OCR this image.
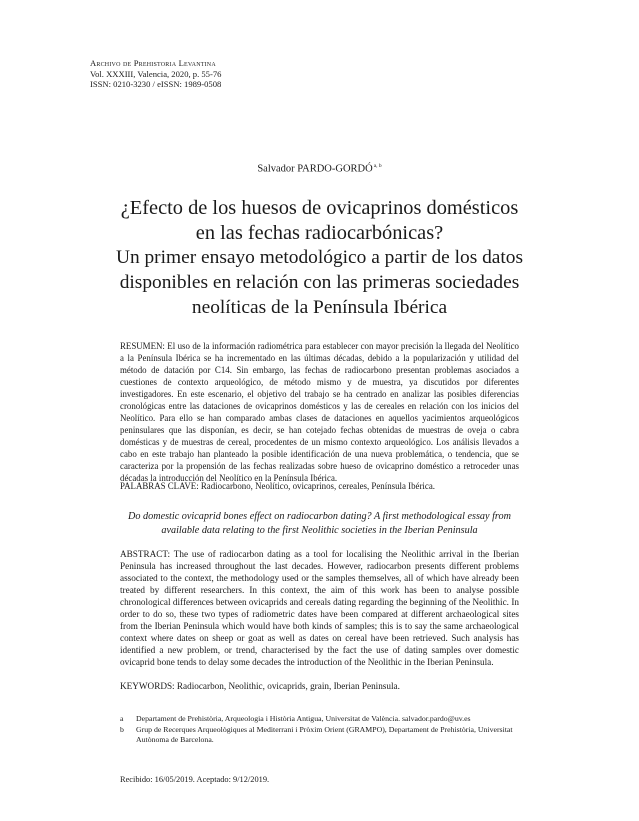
Archivo de Prehistoria Levantina
Vol. XXXIII, Valencia, 2020, p. 55-76
ISSN: 0210-3230 / eISSN: 1989-0508
Salvador PARDO-GORDÓ$^{a, b}$
¿Efecto de los huesos de ovicaprinos domésticos
en las fechas radiocarbónicas?
Un primer ensayo metodológico a partir de los datos
disponibles en relación con las primeras sociedades
neolíticas de la Península Ibérica
RESUMEN: El uso de la información radiométrica para establecer con mayor precisión la llegada del Neolítico a la Península Ibérica se ha incrementado en las últimas décadas, debido a la popularización y utilidad del método de datación por C14. Sin embargo, las fechas de radiocarbono presentan problemas asociados a cuestiones de contexto arqueológico, de método mismo y de muestra, ya discutidos por diferentes investigadores. En este escenario, el objetivo del trabajo se ha centrado en analizar las posibles diferencias cronológicas entre las dataciones de ovicaprinos domésticos y las de cereales en relación con los inicios del Neolítico. Para ello se han comparado ambas clases de dataciones en aquellos yacimientos arqueológicos peninsulares que las disponían, es decir, se han cotejado fechas obtenidas de muestras de oveja o cabra domésticas y de muestras de cereal, procedentes de un mismo contexto arqueológico. Los análisis llevados a cabo en este trabajo han planteado la posible identificación de una nueva problemática, o tendencia, que se caracteriza por la propensión de las fechas realizadas sobre hueso de ovicaprino doméstico a retroceder unas décadas la introducción del Neolítico en la Península Ibérica.
PALABRAS CLAVE: Radiocarbono, Neolítico, ovicaprinos, cereales, Península Ibérica.
Do domestic ovicaprid bones effect on radiocarbon dating? A first methodological essay from available data relating to the first Neolithic societies in the Iberian Peninsula
ABSTRACT: The use of radiocarbon dating as a tool for localising the Neolithic arrival in the Iberian Peninsula has increased throughout the last decades. However, radiocarbon presents different problems associated to the context, the methodology used or the samples themselves, all of which have already been treated by different researchers. In this context, the aim of this work has been to analyse possible chronological differences between ovicaprids and cereals dating regarding the beginning of the Neolithic. In order to do so, these two types of radiometric dates have been compared at different archaeological sites from the Iberian Peninsula which would have both kinds of samples; this is to say the same archaeological context where dates on sheep or goat as well as dates on cereal have been retrieved. Such analysis has identified a new problem, or trend, characterised by the fact the use of dating samples over domestic ovicaprid bone tends to delay some decades the introduction of the Neolithic in the Iberian Peninsula.
KEYWORDS: Radiocarbon, Neolithic, ovicaprids, grain, Iberian Peninsula.
a	Departament de Prehistòria, Arqueologia i Història Antigua, Universitat de València. salvador.pardo@uv.es
b	Grup de Recerques Arqueològiques al Mediterrani i Pròxim Orient (GRAMPO), Departament de Prehistòria, Universitat Autònoma de Barcelona.
Recibido: 16/05/2019. Aceptado: 9/12/2019.
